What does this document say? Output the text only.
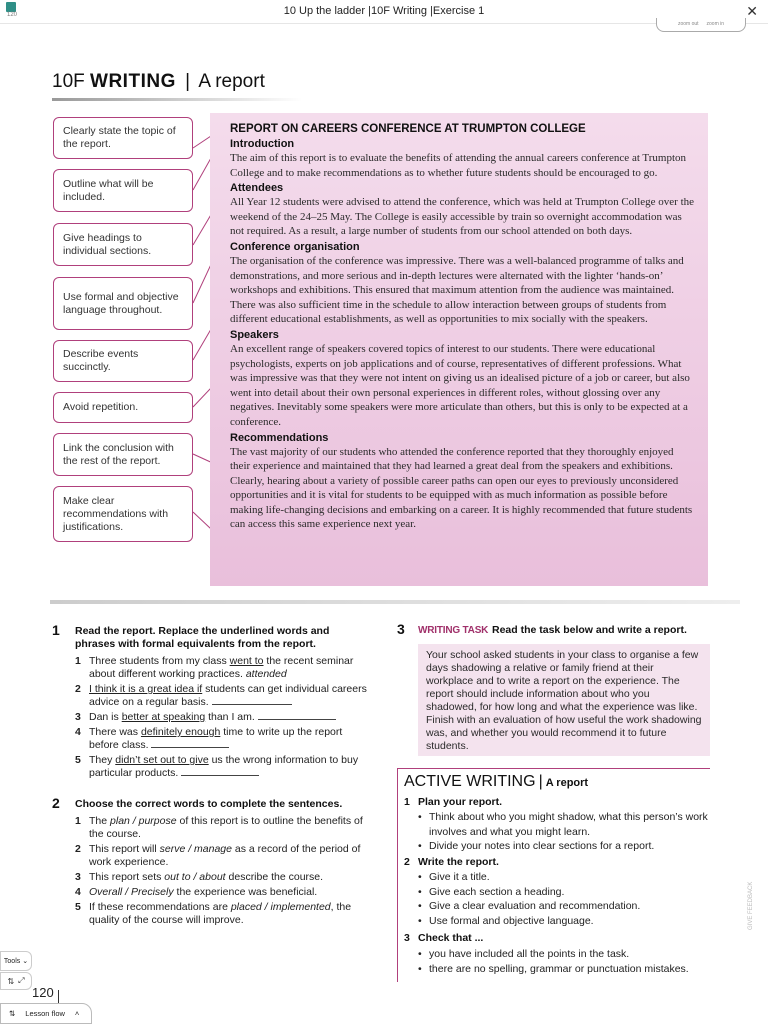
120	10 Up the ladder |10F Writing |Exercise 1	✕
zoom out zoom in
10F WRITING | A report
Clearly state the topic of the report.
Outline what will be included.
Give headings to individual sections.
Use formal and objective language throughout.
Describe events succinctly.
Avoid repetition.
Link the conclusion with the rest of the report.
Make clear recommendations with justifications.
REPORT ON CAREERS CONFERENCE AT TRUMPTON COLLEGE
Introduction
The aim of this report is to evaluate the benefits of attending the annual careers conference at Trumpton College and to make recommendations as to whether future students should be encouraged to go.
Attendees
All Year 12 students were advised to attend the conference, which was held at Trumpton College over the weekend of the 24–25 May. The College is easily accessible by train so overnight accommodation was not required. As a result, a large number of students from our school attended on both days.
Conference organisation
The organisation of the conference was impressive. There was a well-balanced programme of talks and demonstrations, and more serious and in-depth lectures were alternated with the lighter ‘hands-on’ workshops and exhibitions. This ensured that maximum attention from the audience was maintained. There was also sufficient time in the schedule to allow interaction between groups of students from different educational establishments, as well as opportunities to mix socially with the speakers.
Speakers
An excellent range of speakers covered topics of interest to our students. There were educational psychologists, experts on job applications and of course, representatives of different professions. What was impressive was that they were not intent on giving us an idealised picture of a job or career, but also went into detail about their own personal experiences in different roles, without glossing over any negatives. Inevitably some speakers were more articulate than others, but this is only to be expected at a conference.
Recommendations
The vast majority of our students who attended the conference reported that they thoroughly enjoyed their experience and maintained that they had learned a great deal from the speakers and exhibitions. Clearly, hearing about a variety of possible career paths can open our eyes to previously unconsidered opportunities and it is vital for students to be equipped with as much information as possible before making life-changing decisions and embarking on a career. It is highly recommended that future students can access this same experience next year.
1 Read the report. Replace the underlined words and phrases with formal equivalents from the report.
1 Three students from my class went to the recent seminar about different working practices. attended
2 I think it is a great idea if students can get individual careers advice on a regular basis.
3 Dan is better at speaking than I am.
4 There was definitely enough time to write up the report before class.
5 They didn’t set out to give us the wrong information to buy particular products.
2 Choose the correct words to complete the sentences.
1 The plan / purpose of this report is to outline the benefits of the course.
2 This report will serve / manage as a record of the period of work experience.
3 This report sets out to / about describe the course.
4 Overall / Precisely the experience was beneficial.
5 If these recommendations are placed / implemented, the quality of the course will improve.
3 WRITING TASK Read the task below and write a report.
Your school asked students in your class to organise a few days shadowing a relative or family friend at their workplace and to write a report on the experience. The report should include information about who you shadowed, for how long and what the experience was like. Finish with an evaluation of how useful the work shadowing was, and whether you would recommend it to future students.
ACTIVE WRITING | A report
1 Plan your report.
• Think about who you might shadow, what this person’s work involves and what you might learn.
• Divide your notes into clear sections for a report.
2 Write the report.
• Give it a title.
• Give each section a heading.
• Give a clear evaluation and recommendation.
• Use formal and objective language.
3 Check that ...
• you have included all the points in the task.
• there are no spelling, grammar or punctuation mistakes.
GIVE FEEDBACK
Tools
⌄
⇅ ⤢
120
⇅ Lesson flow ˄
